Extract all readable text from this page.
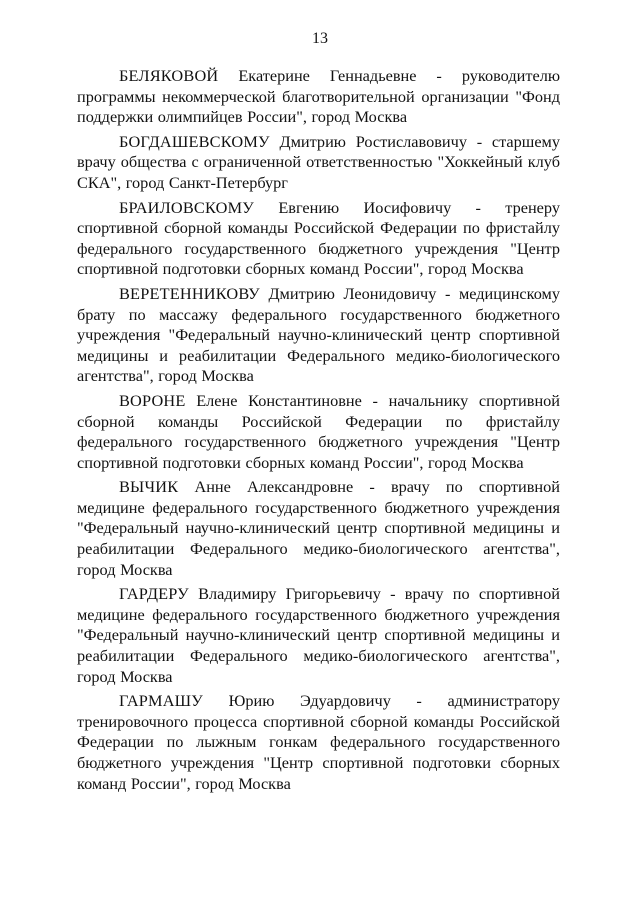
13

БЕЛЯКОВОЙ Екатерине Геннадьевне - руководителю программы некоммерческой благотворительной организации "Фонд поддержки олимпийцев России", город Москва

БОГДАШЕВСКОМУ Дмитрию Ростиславовичу - старшему врачу общества с ограниченной ответственностью "Хоккейный клуб СКА", город Санкт-Петербург

БРАИЛОВСКОМУ Евгению Иосифовичу - тренеру спортивной сборной команды Российской Федерации по фристайлу федерального государственного бюджетного учреждения "Центр спортивной подготовки сборных команд России", город Москва

ВЕРЕТЕННИКОВУ Дмитрию Леонидовичу - медицинскому брату по массажу федерального государственного бюджетного учреждения "Федеральный научно-клинический центр спортивной медицины и реабилитации Федерального медико-биологического агентства", город Москва

ВОРОНЕ Елене Константиновне - начальнику спортивной сборной команды Российской Федерации по фристайлу федерального государственного бюджетного учреждения "Центр спортивной подготовки сборных команд России", город Москва

ВЫЧИК Анне Александровне - врачу по спортивной медицине федерального государственного бюджетного учреждения "Федеральный научно-клинический центр спортивной медицины и реабилитации Федерального медико-биологического агентства", город Москва

ГАРДЕРУ Владимиру Григорьевичу - врачу по спортивной медицине федерального государственного бюджетного учреждения "Федеральный научно-клинический центр спортивной медицины и реабилитации Федерального медико-биологического агентства", город Москва

ГАРМАШУ Юрию Эдуардовичу - администратору тренировочного процесса спортивной сборной команды Российской Федерации по лыжным гонкам федерального государственного бюджетного учреждения "Центр спортивной подготовки сборных команд России", город Москва
